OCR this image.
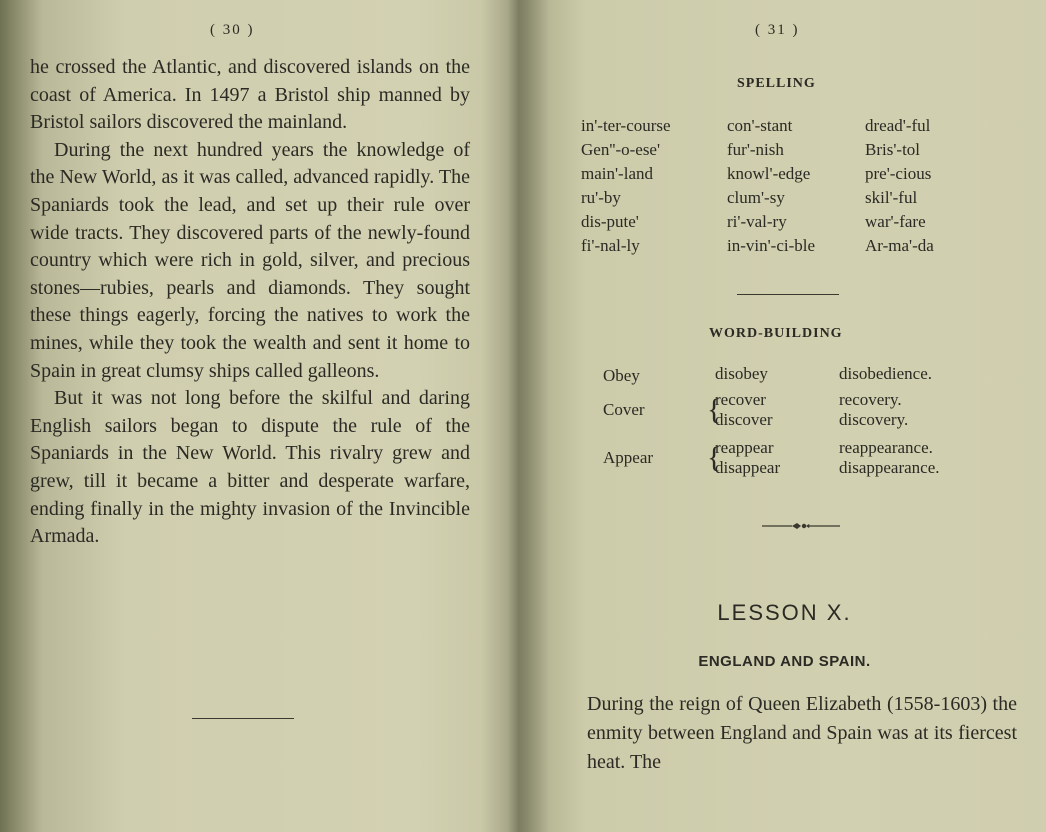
( 30 )

he crossed the Atlantic, and discovered islands on the coast of America. In 1497 a Bristol ship manned by Bristol sailors discovered the mainland.

During the next hundred years the knowledge of the New World, as it was called, advanced rapidly. The Spaniards took the lead, and set up their rule over wide tracts. They discovered parts of the newly-found country which were rich in gold, silver, and precious stones—rubies, pearls and diamonds. They sought these things eagerly, forcing the natives to work the mines, while they took the wealth and sent it home to Spain in great clumsy ships called galleons.

But it was not long before the skilful and daring English sailors began to dispute the rule of the Spaniards in the New World. This rivalry grew and grew, till it became a bitter and desperate warfare, ending finally in the mighty invasion of the Invincible Armada.

( 31 )
SPELLING
in'-ter-course
Gen''-o-ese'
main'-land
ru'-by
dis-pute'
fi'-nal-ly
con'-stant
fur'-nish
knowl'-edge
clum'-sy
ri'-val-ry
in-vin'-ci-ble
dread'-ful
Bris'-tol
pre'-cious
skil'-ful
war'-fare
Ar-ma'-da
WORD-BUILDING
Obey	disobey	disobedience.
Cover {
recover
discover
recovery.
discovery.
Appear {
reappear
disappear
reappearance.
disappearance.
LESSON X.
ENGLAND AND SPAIN.
During the reign of Queen Elizabeth (1558-1603) the enmity between England and Spain was at its fiercest heat. The
